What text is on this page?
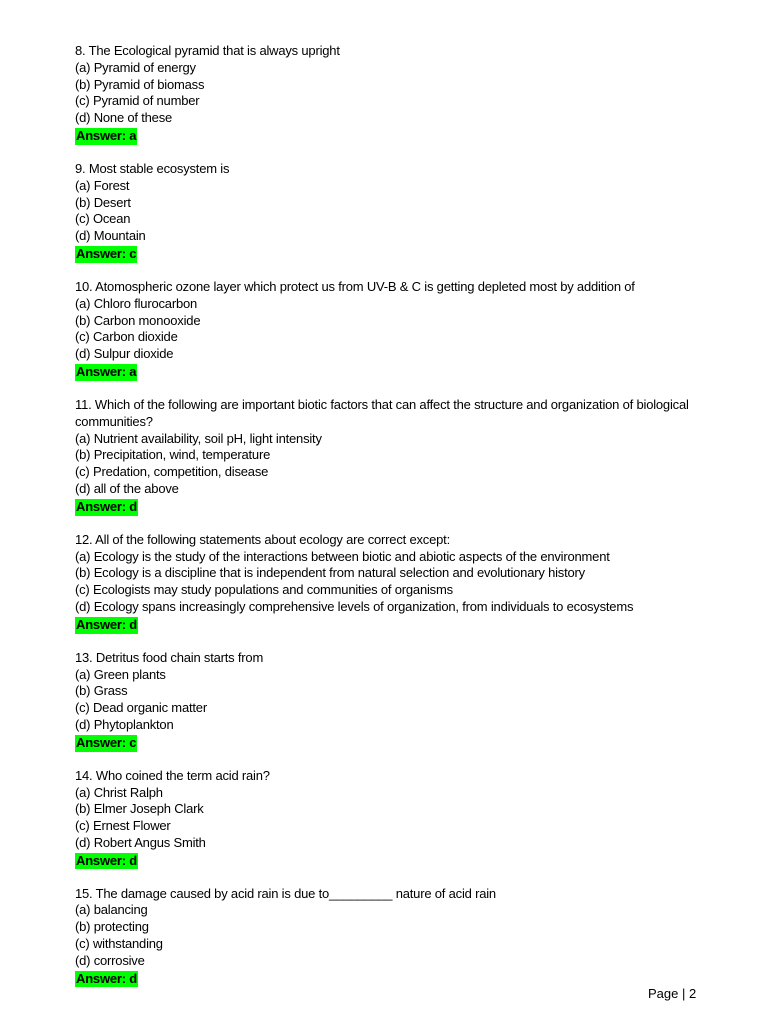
8. The Ecological pyramid that is always upright
(a) Pyramid of energy
(b) Pyramid of biomass
(c) Pyramid of number
(d) None of these
Answer: a
9. Most stable ecosystem is
(a) Forest
(b) Desert
(c) Ocean
(d) Mountain
Answer: c
10. Atomospheric ozone layer which protect us from UV-B & C is getting depleted most by addition of
(a) Chloro flurocarbon
(b) Carbon monooxide
(c) Carbon dioxide
(d) Sulpur dioxide
Answer: a
11. Which of the following are important biotic factors that can affect the structure and organization of biological communities?
(a) Nutrient availability, soil pH, light intensity
(b) Precipitation, wind, temperature
(c) Predation, competition, disease
(d) all of the above
Answer: d
12. All of the following statements about ecology are correct except:
(a) Ecology is the study of the interactions between biotic and abiotic aspects of the environment
(b) Ecology is a discipline that is independent from natural selection and evolutionary history
(c) Ecologists may study populations and communities of organisms
(d) Ecology spans increasingly comprehensive levels of organization, from individuals to ecosystems
Answer: d
13. Detritus food chain starts from
(a) Green plants
(b) Grass
(c) Dead organic matter
(d) Phytoplankton
Answer: c
14. Who coined the term acid rain?
(a) Christ Ralph
(b) Elmer Joseph Clark
(c) Ernest Flower
(d) Robert Angus Smith
Answer: d
15. The damage caused by acid rain is due to_________ nature of acid rain
(a) balancing
(b) protecting
(c) withstanding
(d) corrosive
Answer: d
Page | 2
